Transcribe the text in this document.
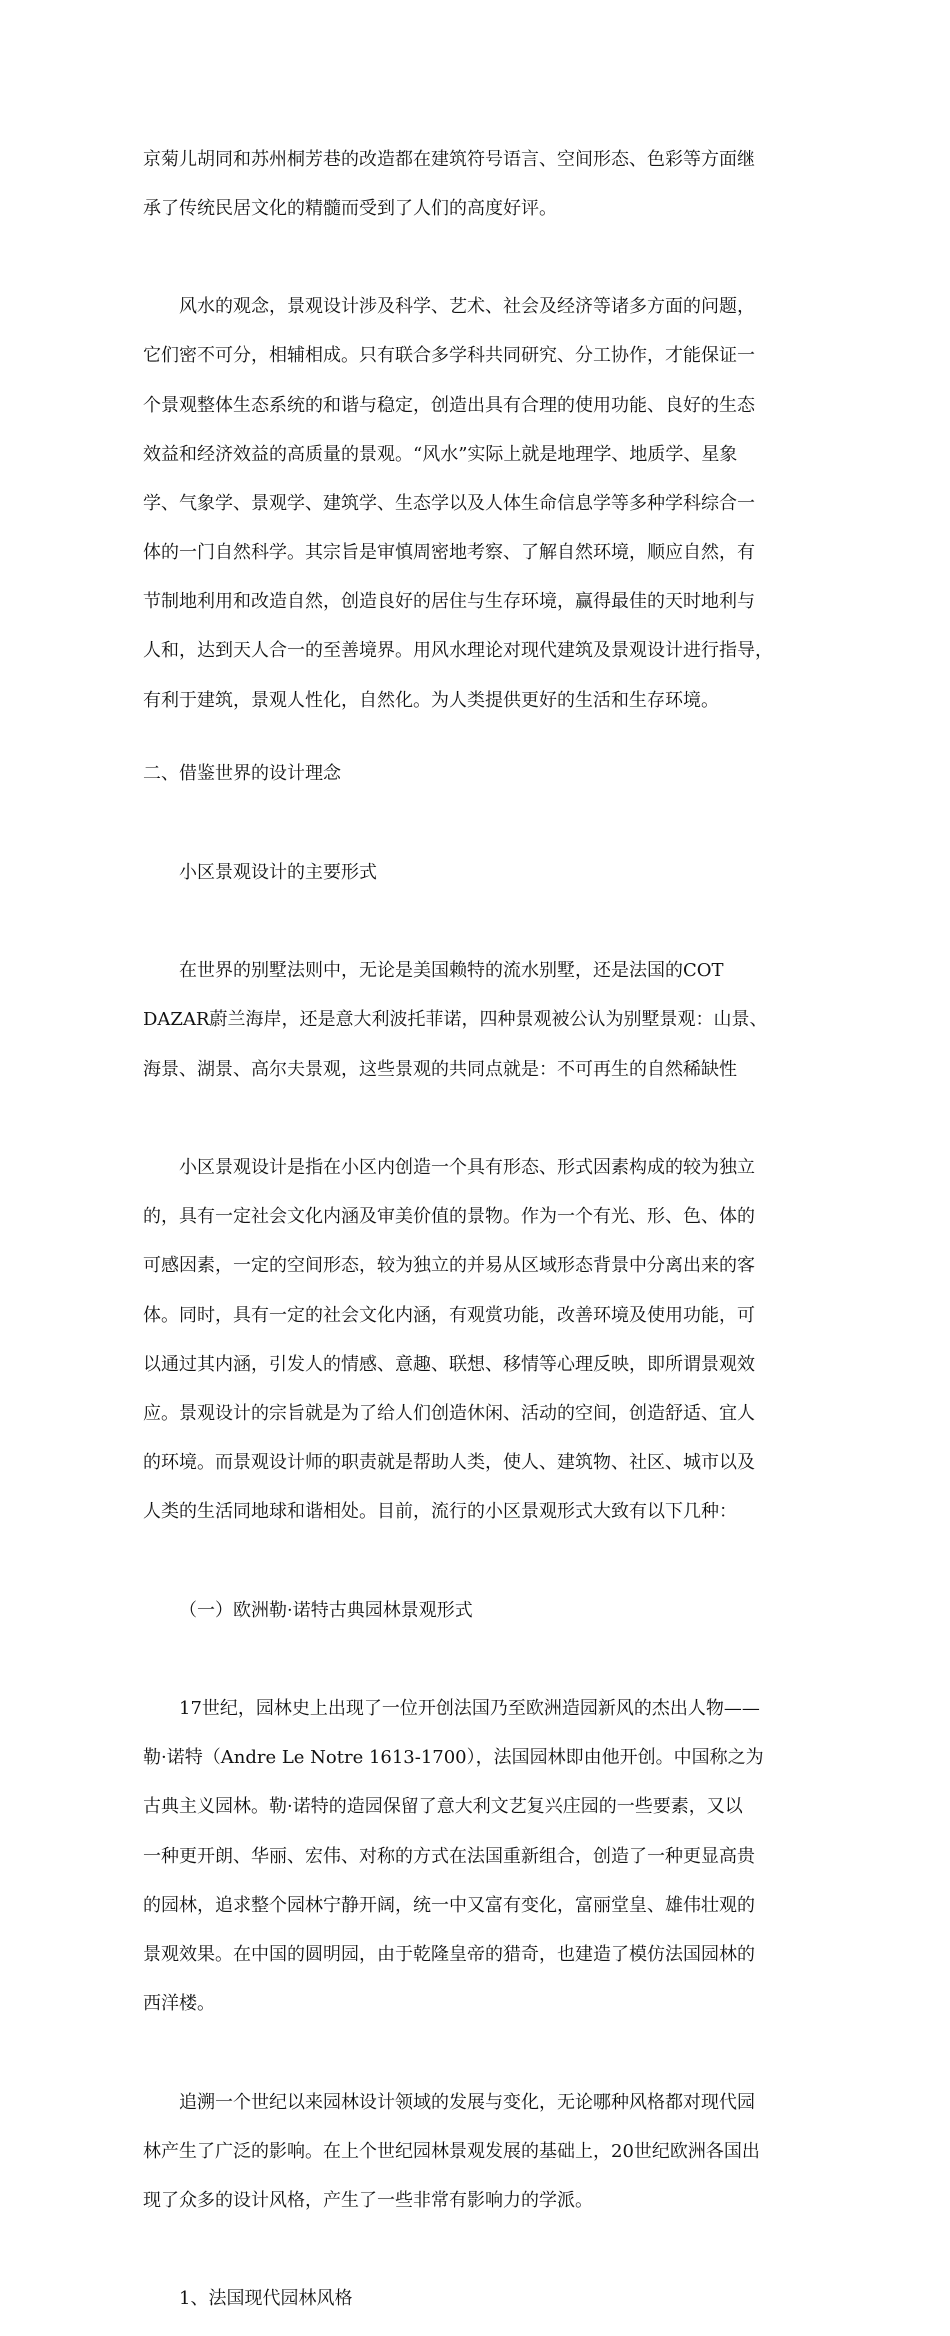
京菊儿胡同和苏州桐芳巷的改造都在建筑符号语言、空间形态、色彩等方面继

承了传统民居文化的精髓而受到了人们的高度好评。

风水的观念，景观设计涉及科学、艺术、社会及经济等诸多方面的问题，

它们密不可分，相辅相成。只有联合多学科共同研究、分工协作，才能保证一

个景观整体生态系统的和谐与稳定，创造出具有合理的使用功能、良好的生态

效益和经济效益的高质量的景观。“风水”实际上就是地理学、地质学、星象

学、气象学、景观学、建筑学、生态学以及人体生命信息学等多种学科综合一

体的一门自然科学。其宗旨是审慎周密地考察、了解自然环境，顺应自然，有

节制地利用和改造自然，创造良好的居住与生存环境，赢得最佳的天时地利与

人和，达到天人合一的至善境界。用风水理论对现代建筑及景观设计进行指导，

有利于建筑，景观人性化，自然化。为人类提供更好的生活和生存环境。

二、借鉴世界的设计理念

小区景观设计的主要形式

在世界的别墅法则中，无论是美国赖特的流水别墅，还是法国的COT

DAZAR蔚兰海岸，还是意大利波托菲诺，四种景观被公认为别墅景观：山景、

海景、湖景、高尔夫景观，这些景观的共同点就是：不可再生的自然稀缺性

小区景观设计是指在小区内创造一个具有形态、形式因素构成的较为独立

的，具有一定社会文化内涵及审美价值的景物。作为一个有光、形、色、体的

可感因素，一定的空间形态，较为独立的并易从区域形态背景中分离出来的客

体。同时，具有一定的社会文化内涵，有观赏功能，改善环境及使用功能，可

以通过其内涵，引发人的情感、意趣、联想、移情等心理反映，即所谓景观效

应。景观设计的宗旨就是为了给人们创造休闲、活动的空间，创造舒适、宜人

的环境。而景观设计师的职责就是帮助人类，使人、建筑物、社区、城市以及

人类的生活同地球和谐相处。目前，流行的小区景观形式大致有以下几种：

（一）欧洲勒·诺特古典园林景观形式

17世纪，园林史上出现了一位开创法国乃至欧洲造园新风的杰出人物——

勒·诺特（Andre Le Notre 1613-1700），法国园林即由他开创。中国称之为

古典主义园林。勒·诺特的造园保留了意大利文艺复兴庄园的一些要素，又以

一种更开朗、华丽、宏伟、对称的方式在法国重新组合，创造了一种更显高贵

的园林，追求整个园林宁静开阔，统一中又富有变化，富丽堂皇、雄伟壮观的

景观效果。在中国的圆明园，由于乾隆皇帝的猎奇，也建造了模仿法国园林的

西洋楼。

追溯一个世纪以来园林设计领域的发展与变化，无论哪种风格都对现代园

林产生了广泛的影响。在上个世纪园林景观发展的基础上，20世纪欧洲各国出

现了众多的设计风格，产生了一些非常有影响力的学派。

1、法国现代园林风格
